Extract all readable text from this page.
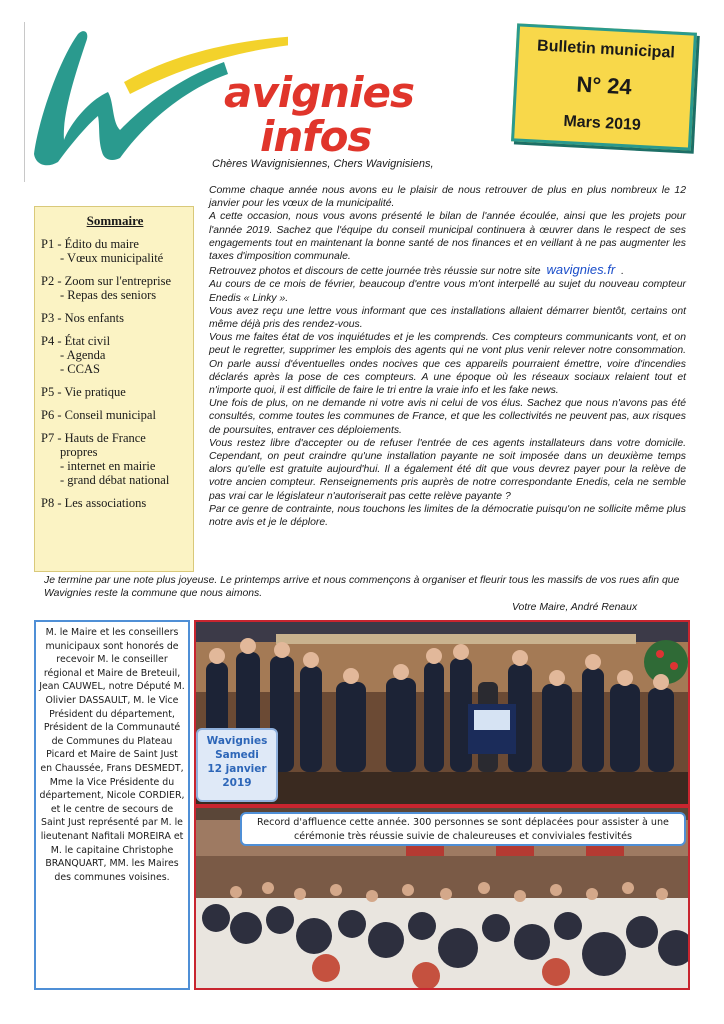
avignies
infos
Bulletin municipal
N° 24
Mars 2019
Chères Wavignisiennes, Chers Wavignisiens,
Sommaire
P1 - Édito du maire
- Vœux municipalité
P2 - Zoom sur l'entreprise
- Repas des seniors
P3 - Nos enfants
P4 - État civil
- Agenda
- CCAS
P5 - Vie pratique
P6 - Conseil municipal
P7 - Hauts de France
propres
- internet en mairie
- grand débat national
P8 - Les associations

Comme chaque année nous avons eu le plaisir de nous retrouver de plus en plus nombreux le 12 janvier pour les vœux de la municipalité.

A cette occasion, nous vous avons présenté le bilan de l'année écoulée, ainsi que les projets pour l'année 2019. Sachez que l'équipe du conseil municipal continuera à œuvrer dans le respect de ses engagements tout en maintenant la bonne santé de nos finances et en veillant à ne pas augmenter les taxes d'imposition communale.

Retrouvez photos et discours de cette journée très réussie sur notre site wavignies.fr .

Au cours de ce mois de février, beaucoup d'entre vous m'ont interpellé au sujet du nouveau compteur Enedis « Linky ».

Vous avez reçu une lettre vous informant que ces installations allaient démarrer bientôt, certains ont même déjà pris des rendez-vous.

Vous me faites état de vos inquiétudes et je les comprends. Ces compteurs communicants vont, et on peut le regretter, supprimer les emplois des agents qui ne vont plus venir relever notre consommation. On parle aussi d'éventuelles ondes nocives que ces appareils pourraient émettre, voire d'incendies déclarés après la pose de ces compteurs. A une époque où les réseaux sociaux relaient tout et n'importe quoi, il est difficile de faire le tri entre la vraie info et les fake news.

Une fois de plus, on ne demande ni votre avis ni celui de vos élus. Sachez que nous n'avons pas été consultés, comme toutes les communes de France, et que les collectivités ne peuvent pas, aux risques de poursuites, entraver ces déploiements.

Vous restez libre d'accepter ou de refuser l'entrée de ces agents installateurs dans votre domicile. Cependant, on peut craindre qu'une installation payante ne soit imposée dans un deuxième temps alors qu'elle est gratuite aujourd'hui. Il a également été dit que vous devrez payer pour la relève de votre ancien compteur. Renseignements pris auprès de notre correspondante Enedis, cela ne semble pas vrai car le législateur n'autoriserait pas cette relève payante ?

Par ce genre de contrainte, nous touchons les limites de la démocratie puisqu'on ne sollicite même plus notre avis et je le déplore.

Je termine par une note plus joyeuse. Le printemps arrive et nous commençons à organiser et fleurir tous les massifs de vos rues afin que Wavignies reste la commune que nous aimons.
Votre Maire, André Renaux
M. le Maire et les conseillers municipaux sont honorés de recevoir M. le conseiller régional et Maire de Breteuil, Jean CAUWEL, notre Député M. Olivier DASSAULT, M. le Vice Président du département, Président de la Communauté de Communes du Plateau Picard et Maire de Saint Just en Chaussée, Frans DESMEDT, Mme la Vice Présidente du département, Nicole CORDIER, et le centre de secours de Saint Just représenté par M. le lieutenant Nafitali MOREIRA et M. le capitaine Christophe BRANQUART, MM. les Maires des communes voisines.
Wavignies
Samedi
12 janvier
2019
Record d'affluence cette année. 300 personnes se sont déplacées pour assister à une cérémonie très réussie suivie de chaleureuses et conviviales festivités
